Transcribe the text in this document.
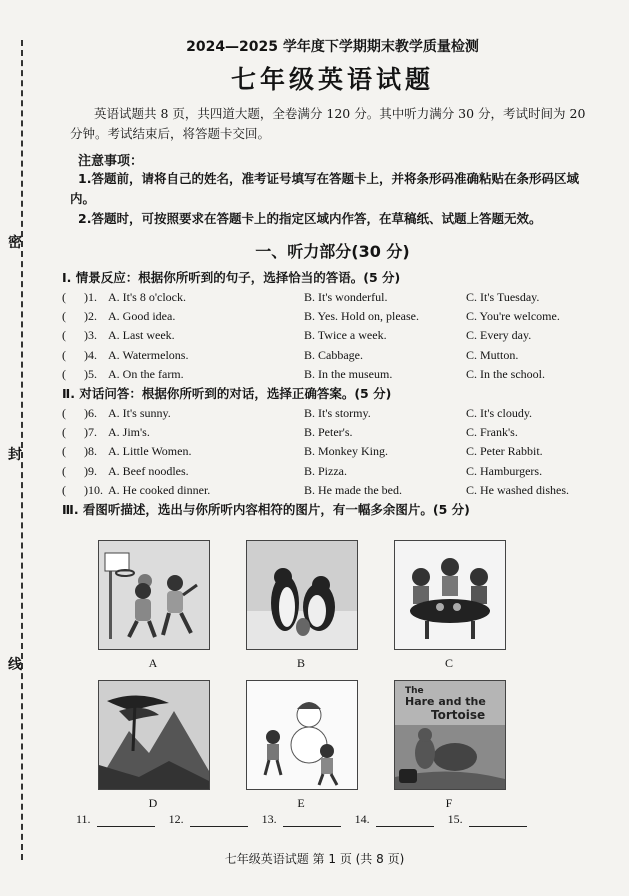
密
封
线

2024—2025 学年度下学期期末教学质量检测

七年级英语试题

英语试题共 8 页，共四道大题，全卷满分 120 分。其中听力满分 30 分，考试时间为 20 分钟。考试结束后，将答题卡交回。

注意事项：

1.答题前，请将自己的姓名，准考证号填写在答题卡上，并将条形码准确粘贴在条形码区域内。

2.答题时，可按照要求在答题卡上的指定区域内作答，在草稿纸、试题上答题无效。

一、听力部分(30 分)

I. 情景反应：根据你所听到的句子，选择恰当的答语。(5 分)

(      )1. A. It's 8 o'clock.	B. It's wonderful.	C. It's Tuesday.
(      )2. A. Good idea.	B. Yes. Hold on, please.	C. You're welcome.
(      )3. A. Last week.	B. Twice a week.	C. Every day.
(      )4. A. Watermelons.	B. Cabbage.	C. Mutton.
(      )5. A. On the farm.	B. In the museum.	C. In the school.

Ⅱ. 对话问答：根据你所听到的对话，选择正确答案。(5 分)

(      )6. A. It's sunny.	B. It's stormy.	C. It's cloudy.
(      )7. A. Jim's.	B. Peter's.	C. Frank's.
(      )8. A. Little Women.	B. Monkey King.	C. Peter Rabbit.
(      )9. A. Beef noodles.	B. Pizza.	C. Hamburgers.
(      )10. A. He cooked dinner.	B. He made the bed.	C. He washed dishes.

Ⅲ. 看图听描述，选出与你所听内容相符的图片，有一幅多余图片。(5 分)

A	B	C
D	E
The
Hare and the
Tortoise
F
11.	12.	13.	14.	15.
七年级英语试题 第 1 页 (共 8 页)
